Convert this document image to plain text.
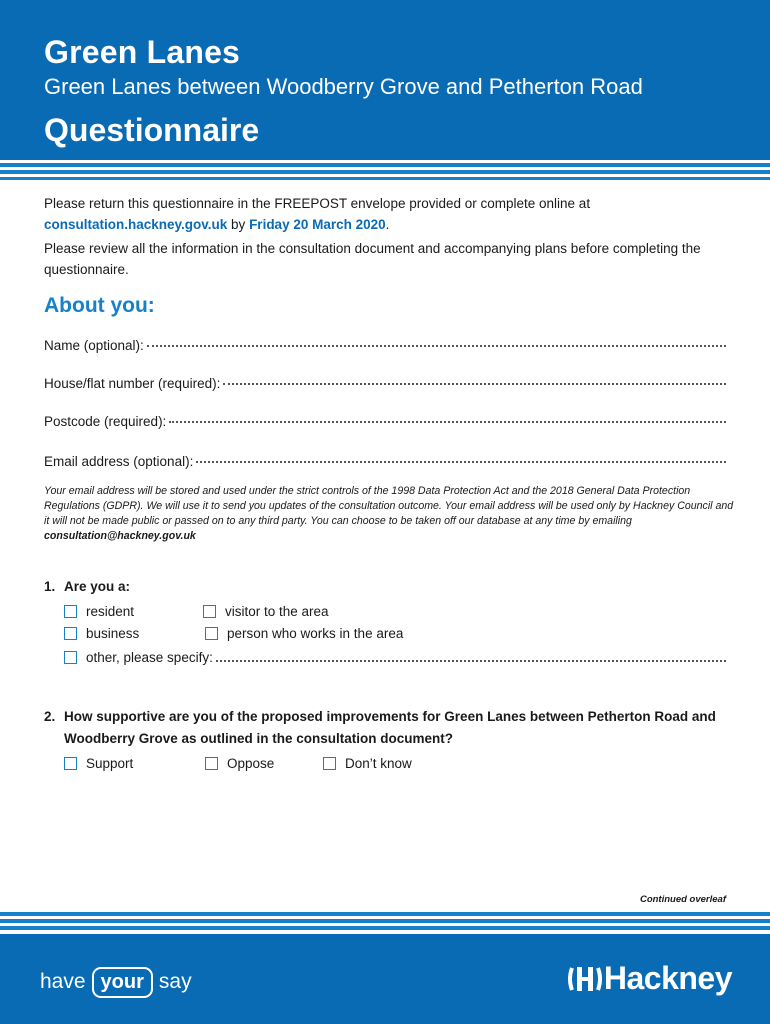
Green Lanes
Green Lanes between Woodberry Grove and Petherton Road
Questionnaire
Please return this questionnaire in the FREEPOST envelope provided or complete online at
consultation.hackney.gov.uk by Friday 20 March 2020.
Please review all the information in the consultation document and accompanying plans before completing the questionnaire.
About you:
Name (optional):
House/flat number (required):
Postcode (required):
Email address (optional):
Your email address will be stored and used under the strict controls of the 1998 Data Protection Act and the 2018 General Data Protection Regulations (GDPR). We will use it to send you updates of the consultation outcome. Your email address will be used only by Hackney Council and it will not be made public or passed on to any third party. You can choose to be taken off our database at any time by emailing consultation@hackney.gov.uk
1. Are you a:
resident	visitor to the area
business	person who works in the area
other, please specify:
2. How supportive are you of the proposed improvements for Green Lanes between Petherton Road and Woodberry Grove as outlined in the consultation document?
Support	Oppose	Don’t know
Continued overleaf
have your say	Hackney
